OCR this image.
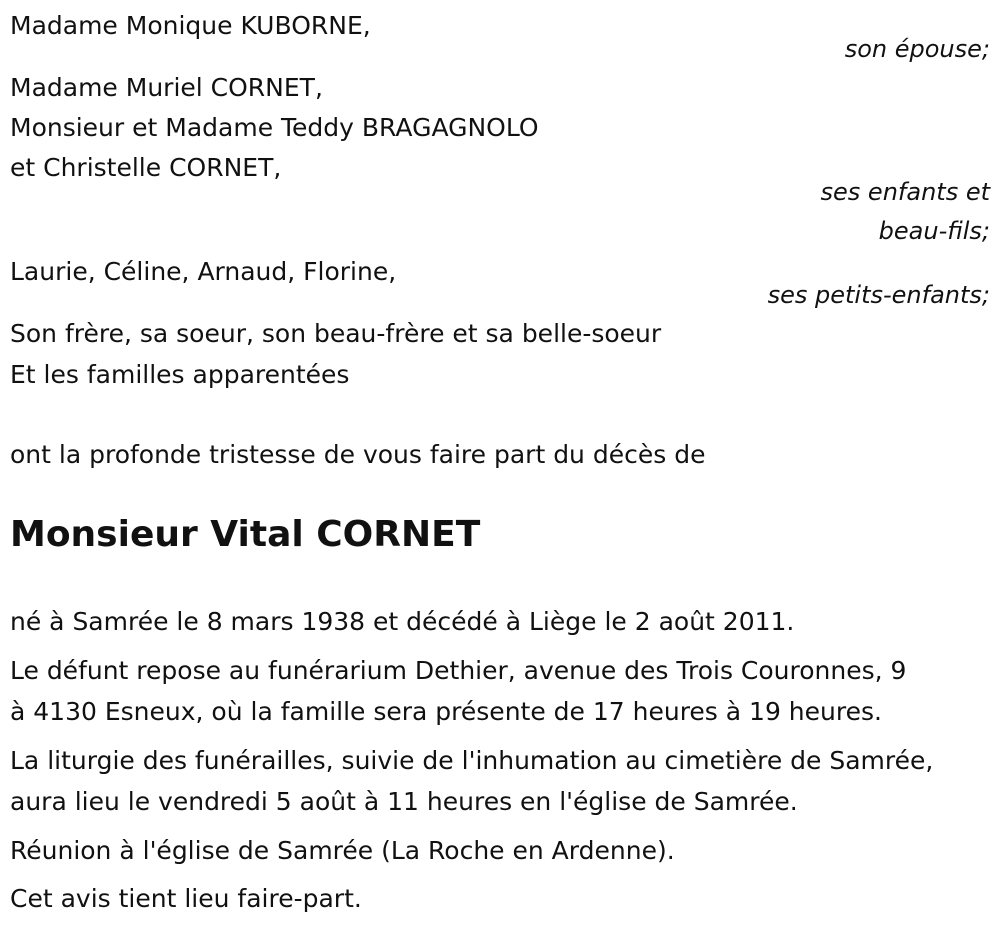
Madame Monique KUBORNE,
son épouse;
Madame Muriel CORNET,
Monsieur et Madame Teddy BRAGAGNOLO
et Christelle CORNET,
ses enfants et
beau-fils;
Laurie, Céline, Arnaud, Florine,
ses petits-enfants;
Son frère, sa soeur, son beau-frère et sa belle-soeur
Et les familles apparentées
ont la profonde tristesse de vous faire part du décès de
Monsieur Vital CORNET
né à Samrée le 8 mars 1938 et décédé à Liège le 2 août 2011.
Le défunt repose au funérarium Dethier, avenue des Trois Couronnes, 9
à 4130 Esneux, où la famille sera présente de 17 heures à 19 heures.
La liturgie des funérailles, suivie de l'inhumation au cimetière de Samrée,
aura lieu le vendredi 5 août à 11 heures en l'église de Samrée.
Réunion à l'église de Samrée (La Roche en Ardenne).
Cet avis tient lieu faire-part.
